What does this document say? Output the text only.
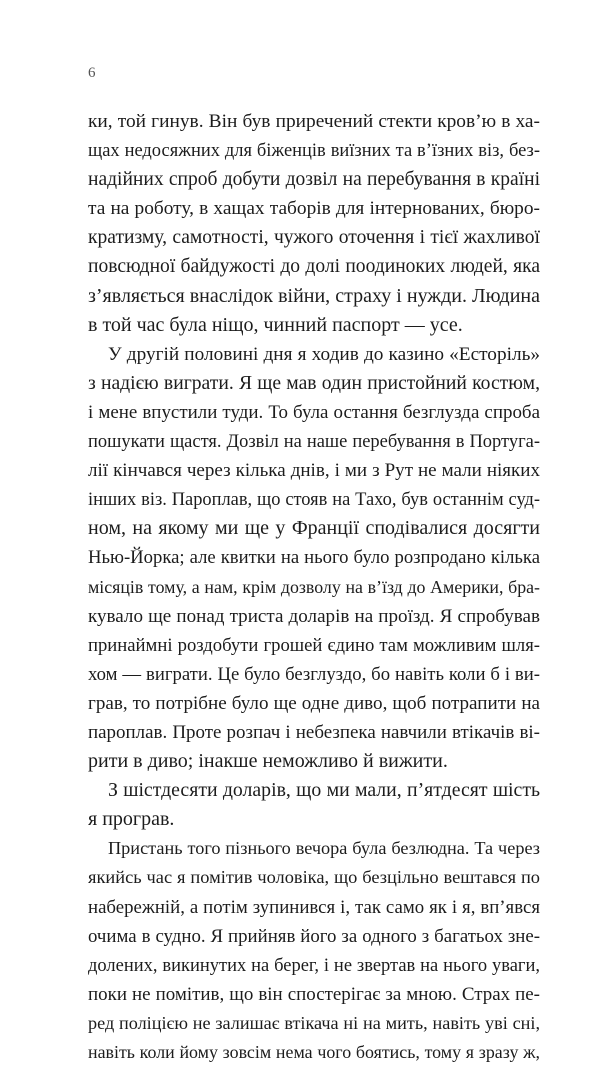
6
ки, той гинув. Він був приречений стекти кров’ю в ха-
щах недосяжних для біженців виїзних та в’їзних віз, без-
надійних спроб добути дозвіл на перебування в країні
та на роботу, в хащах таборів для інтернованих, бюро-
кратизму, самотності, чужого оточення і тієї жахливої
повсюдної байдужості до долі поодиноких людей, яка
з’являється внаслідок війни, страху і нужди. Людина
в той час була ніщо, чинний паспорт — усе.
У другій половині дня я ходив до казино «Есторіль»
з надією виграти. Я ще мав один пристойний костюм,
і мене впустили туди. То була остання безглузда спроба
пошукати щастя. Дозвіл на наше перебування в Португа-
лії кінчався через кілька днів, і ми з Рут не мали ніяких
інших віз. Пароплав, що стояв на Тахо, був останнім суд-
ном, на якому ми ще у Франції сподівалися досягти
Нью-Йорка; але квитки на нього було розпродано кілька
місяців тому, а нам, крім дозволу на в’їзд до Америки, бра-
кувало ще понад триста доларів на проїзд. Я спробував
принаймні роздобути грошей єдино там можливим шля-
хом — виграти. Це було безглуздо, бо навіть коли б і ви-
грав, то потрібне було ще одне диво, щоб потрапити на
пароплав. Проте розпач і небезпека навчили втікачів ві-
рити в диво; інакше неможливо й вижити.
З шістдесяти доларів, що ми мали, п’ятдесят шість
я програв.
Пристань того пізнього вечора була безлюдна. Та через
якийсь час я помітив чоловіка, що безцільно вештався по
набережній, а потім зупинився і, так само як і я, вп’явся
очима в судно. Я прийняв його за одного з багатьох зне-
долених, викинутих на берег, і не звертав на нього уваги,
поки не помітив, що він спостерігає за мною. Страх пе-
ред поліцією не залишає втікача ні на мить, навіть уві сні,
навіть коли йому зовсім нема чого боятись, тому я зразу ж,
